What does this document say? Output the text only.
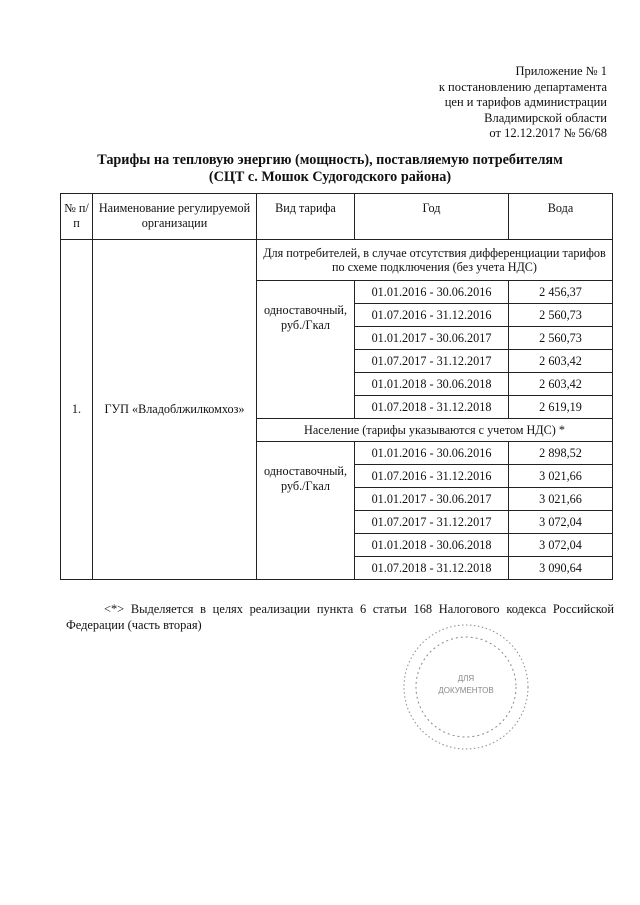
Приложение № 1
к постановлению департамента
цен и тарифов администрации
Владимирской области
от 12.12.2017 № 56/68
Тарифы на тепловую энергию (мощность), поставляемую потребителям
(СЦТ с. Мошок Судогодского района)
№ п/п	Наименование регулируемой организации	Вид тарифа	Год	Вода
1.	ГУП «Владоблжилкомхоз»	Для потребителей, в случае отсутствия дифференциации тарифов по схеме подключения (без учета НДС)		

		одноставочный, руб./Гкал	01.01.2016 - 30.06.2016	2 456,37
			01.07.2016 - 31.12.2016	2 560,73
			01.01.2017 - 30.06.2017	2 560,73
			01.07.2017 - 31.12.2017	2 603,42
			01.01.2018 - 30.06.2018	2 603,42
			01.07.2018 - 31.12.2018	2 619,19
		Население (тарифы указываются с учетом НДС) *		

		одноставочный, руб./Гкал	01.01.2016 - 30.06.2016	2 898,52
			01.07.2016 - 31.12.2016	3 021,66
			01.01.2017 - 30.06.2017	3 021,66
			01.07.2017 - 31.12.2017	3 072,04
			01.01.2018 - 30.06.2018	3 072,04
			01.07.2018 - 31.12.2018	3 090,64
<*> Выделяется в целях реализации пункта 6 статьи 168 Налогового кодекса Российской Федерации (часть вторая)
ДЛЯ
ДОКУМЕНТОВ
